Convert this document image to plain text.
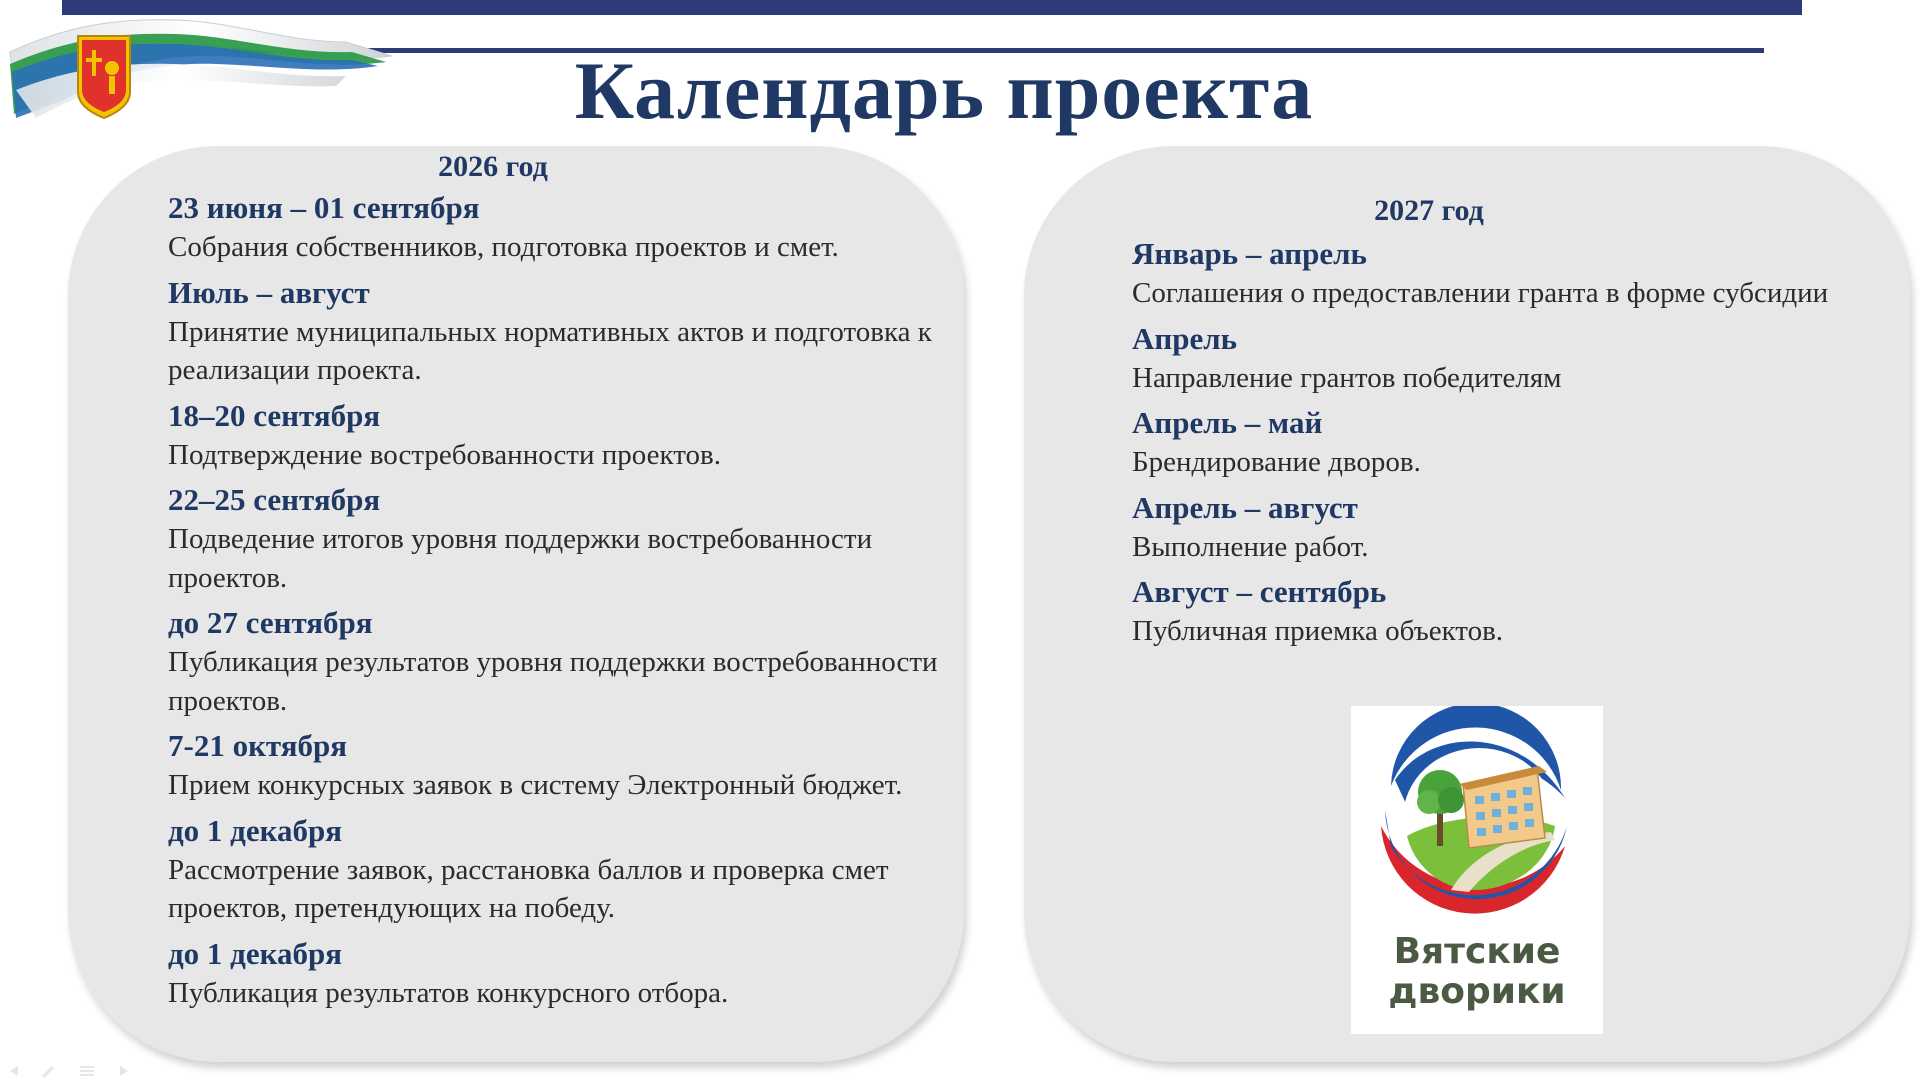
Календарь проекта
2026 год
23 июня – 01 сентября
Собрания собственников, подготовка проектов и смет.
Июль – август
Принятие муниципальных нормативных актов и подготовка к реализации проекта.
18–20 сентября
Подтверждение востребованности проектов.
22–25 сентября
Подведение итогов уровня поддержки востребованности проектов.
до 27 сентября
Публикация результатов уровня поддержки востребованности проектов.
7-21 октября
Прием конкурсных заявок в систему Электронный бюджет.
до 1 декабря
Рассмотрение заявок, расстановка баллов и проверка смет проектов, претендующих на победу.
до 1 декабря
Публикация результатов конкурсного отбора.
2027 год
Январь – апрель
Соглашения о предоставлении гранта в форме субсидии
Апрель
Направление грантов победителям
Апрель – май
Брендирование дворов.
Апрель – август
Выполнение работ.
Август – сентябрь
Публичная приемка объектов.
Вятские
дворики
